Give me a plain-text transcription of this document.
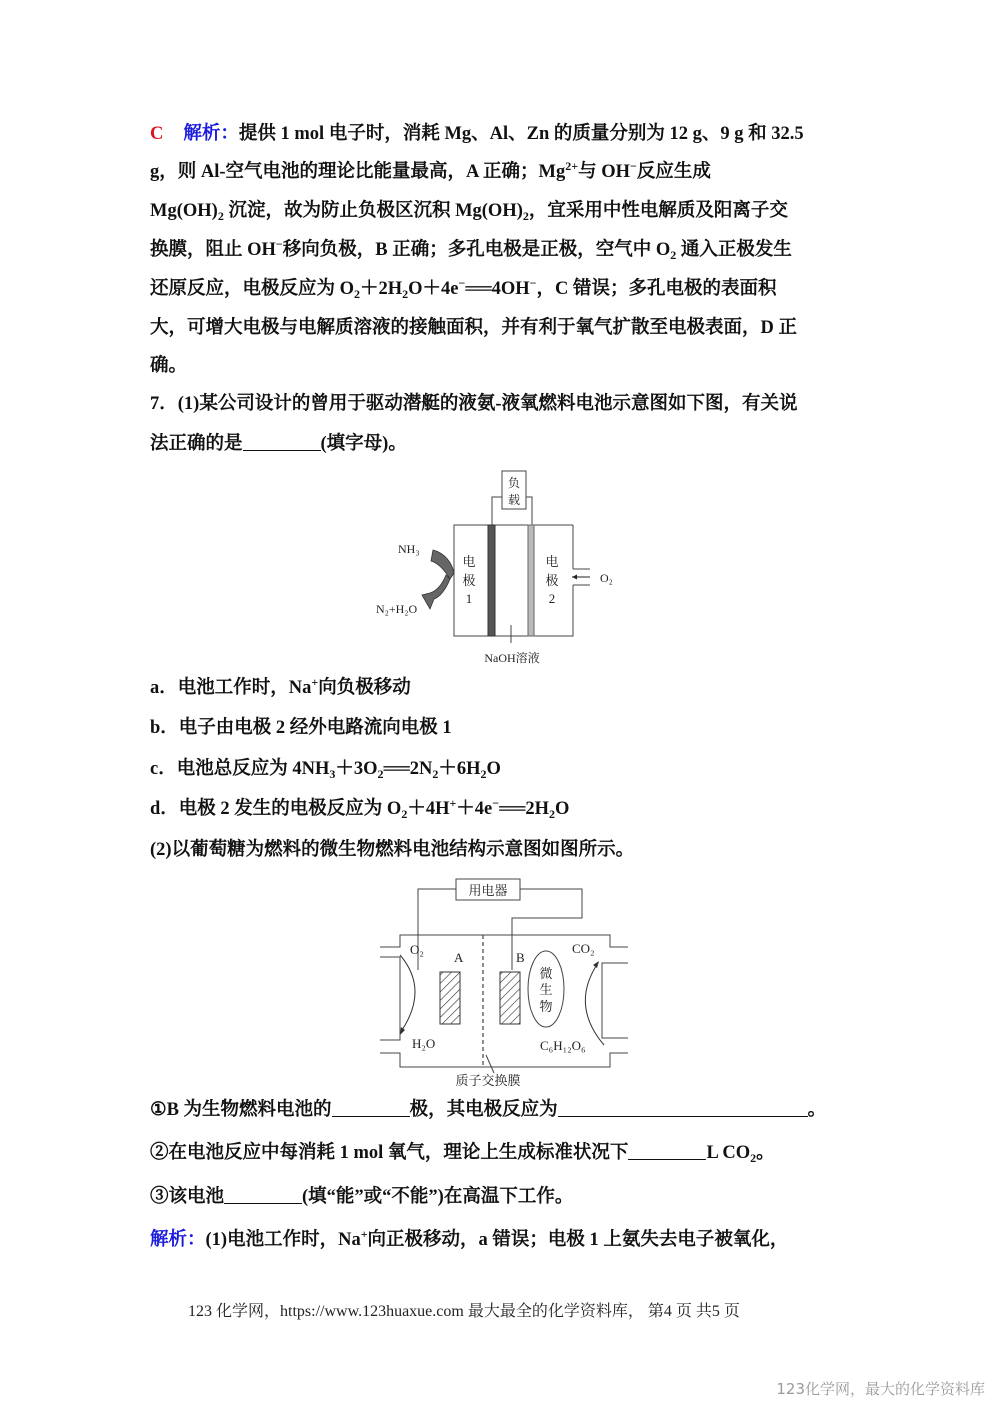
C 解析：提供 1 mol 电子时，消耗 Mg、Al、Zn 的质量分别为 12 g、9 g 和 32.5
g，则 Al-空气电池的理论比能量最高，A 正确；$Mg^{2+}$与 OH−反应生成
$Mg(OH)_2$ 沉淀，故为防止负极区沉积 $Mg(OH)_2$，宜采用中性电解质及阳离子交
换膜，阻止 OH−移向负极，B 正确；多孔电极是正极，空气中 $O_2$ 通入正极发生
还原反应，电极反应为 $O_2+2H_2O+4e^-══4OH^-$，C 错误；多孔电极的表面积
大，可增大电极与电解质溶液的接触面积，并有利于氧气扩散至电极表面，D 正
确。
7．(1)某公司设计的曾用于驱动潜艇的液氨-液氧燃料电池示意图如下图，有关说
法正确的是	(填字母)。
负
载
O₂
电
极
1
电
极
2
NH₃
N₂+H₂O
NaOH溶液
a．电池工作时，Na+向负极移动
b．电子由电极 2 经外电路流向电极 1
c．电池总反应为 $4NH_3+3O_2══2N_2+6H_2O$
d．电极 2 发生的电极反应为 $O_2+4H^++4e^-══2H_2O$
(2)以葡萄糖为燃料的微生物燃料电池结构示意图如图所示。
用电器
A	B
微
生
物
O₂
H₂O
CO₂
C₆H₁₂O₆
质子交换膜
①B 为生物燃料电池的	极，其电极反应为	。
②在电池反应中每消耗 1 mol 氧气，理论上生成标准状况下	L $CO_2$。
③该电池	(填“能”或“不能”)在高温下工作。
解析：(1)电池工作时，Na+向正极移动，a 错误；电极 1 上氨失去电子被氧化，
123 化学网，https://www.123huaxue.com 最大最全的化学资料库， 第4 页 共5 页
123化学网，最大的化学资料库
